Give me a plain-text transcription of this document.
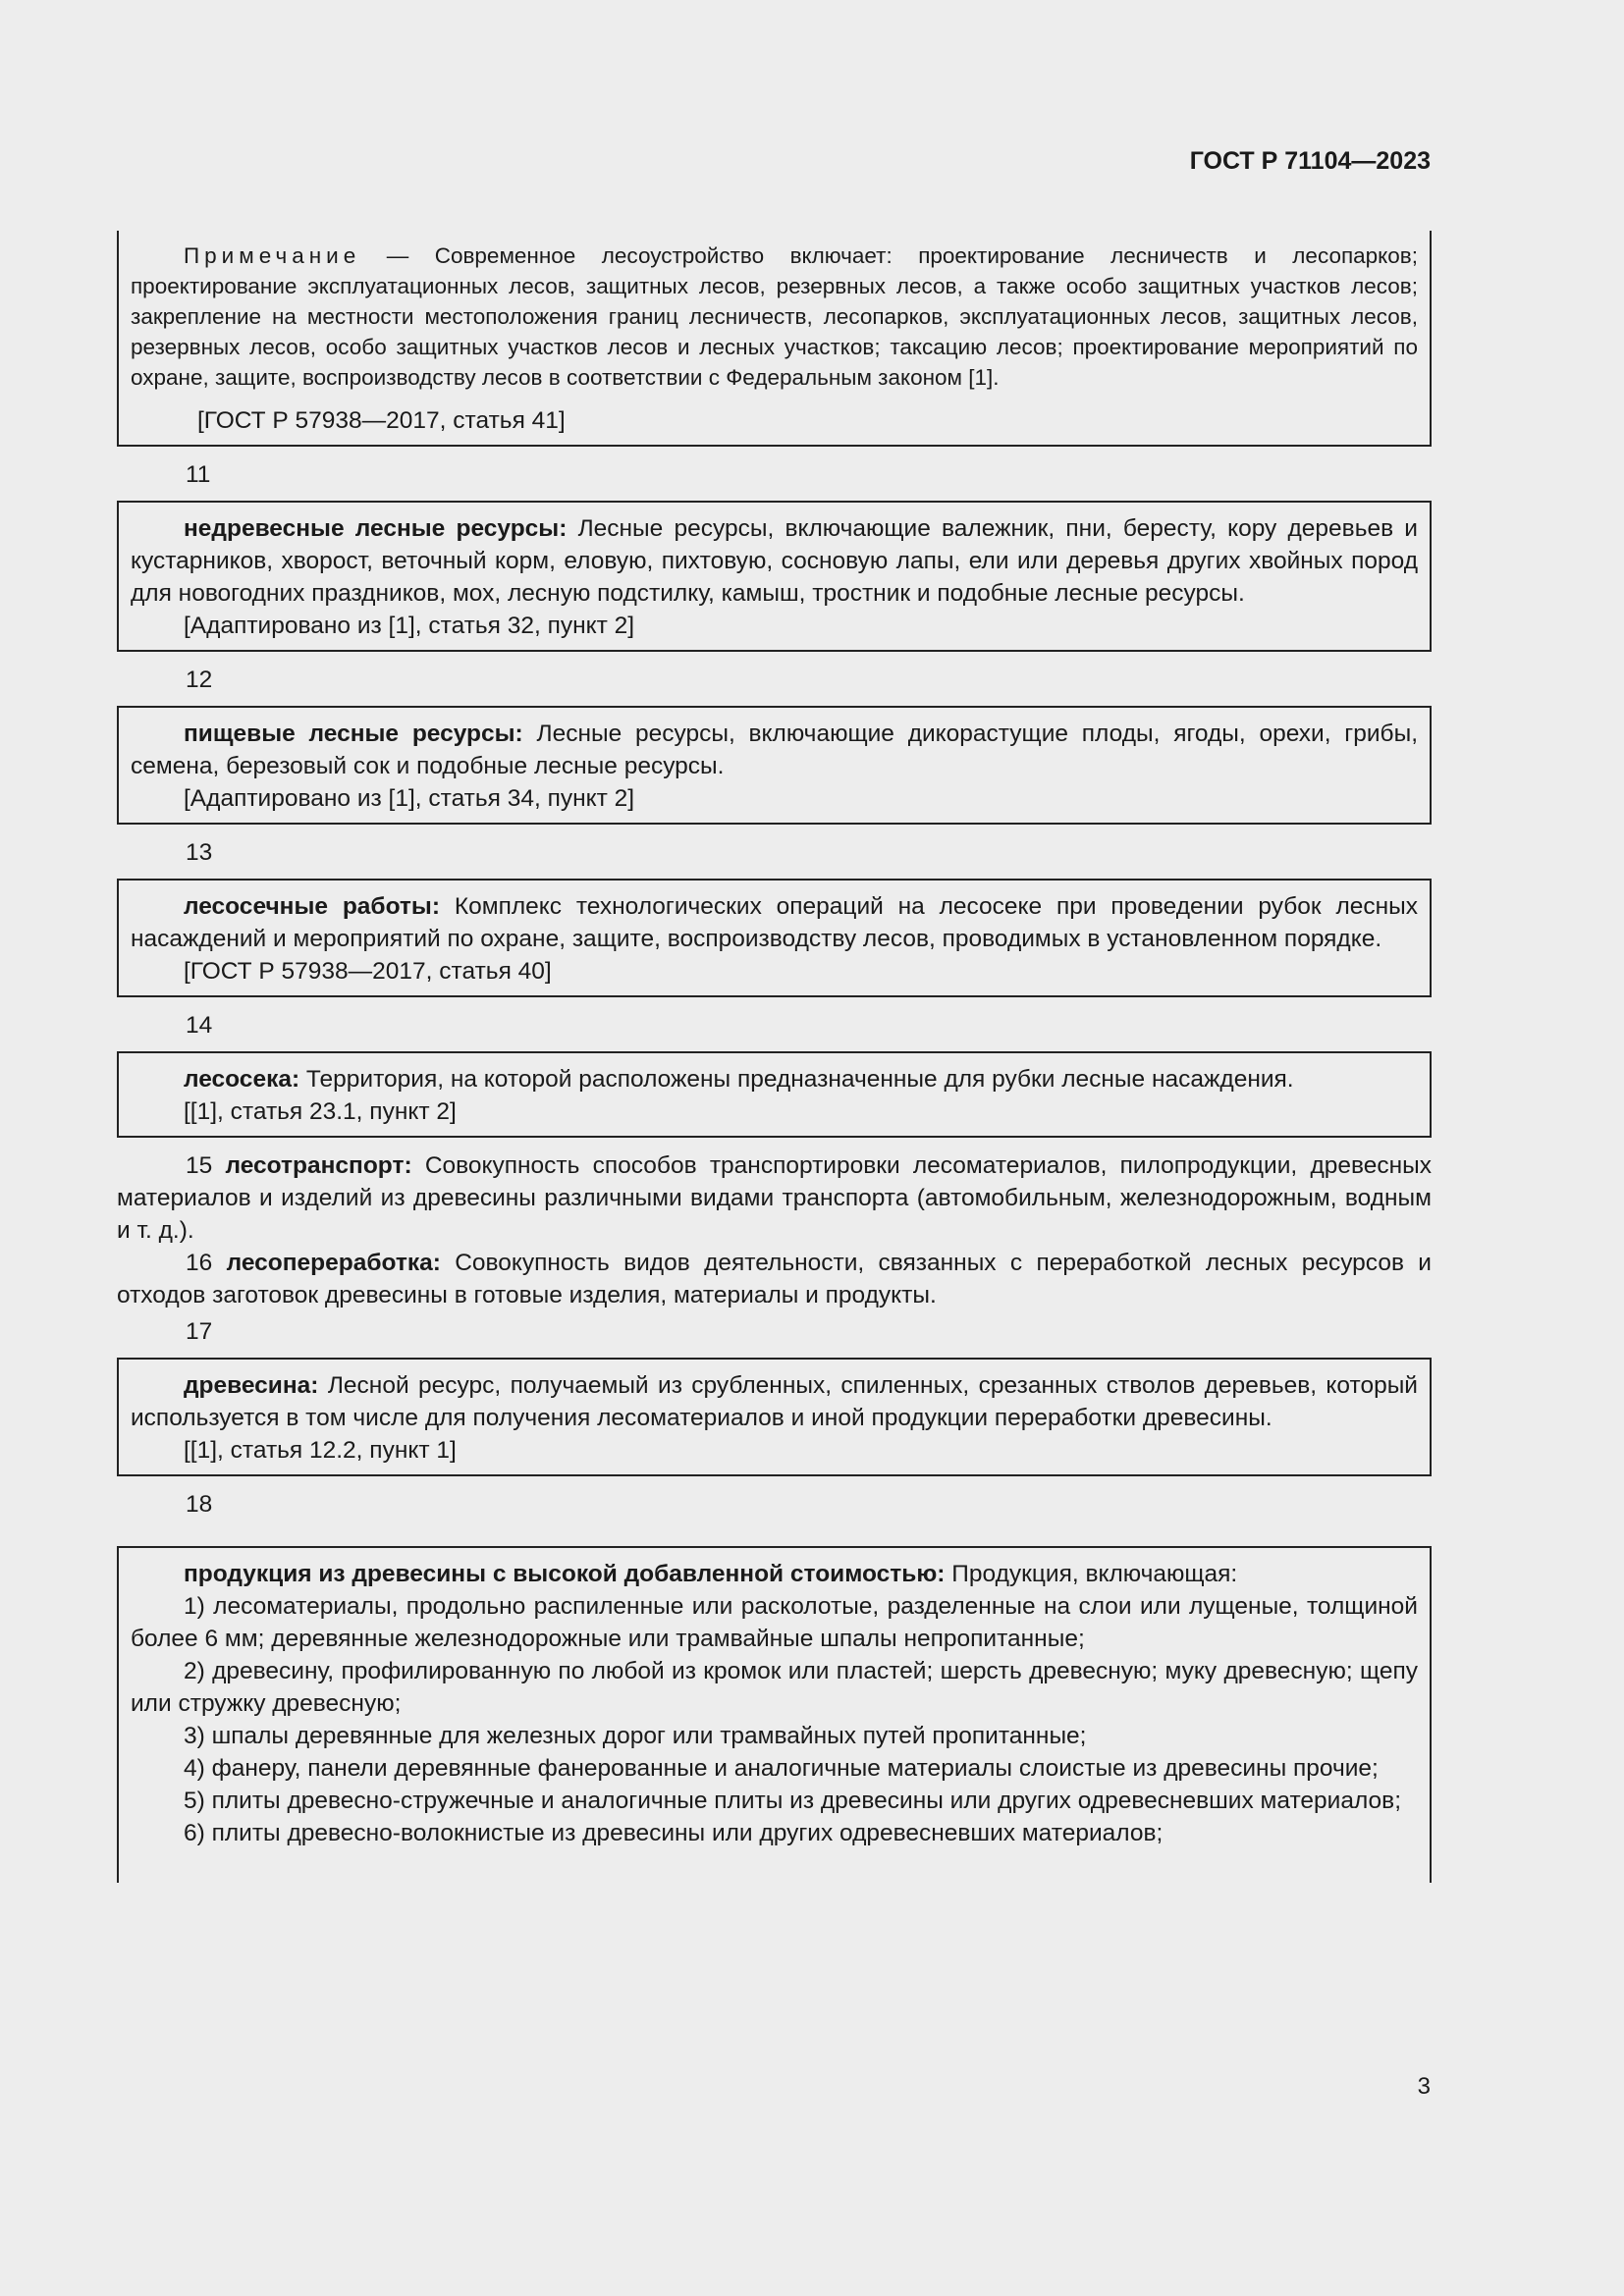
ГОСТ Р 71104—2023

Примечание — Современное лесоустройство включает: проектирование лесничеств и лесопарков; проектирование эксплуатационных лесов, защитных лесов, резервных лесов, а также особо защитных участков лесов; закрепление на местности местоположения границ лесничеств, лесопарков, эксплуатационных лесов, защитных лесов, резервных лесов, особо защитных участков лесов и лесных участков; таксацию лесов; проектирование мероприятий по охране, защите, воспроизводству лесов в соответствии с Федеральным законом [1].

[ГОСТ Р 57938—2017, статья 41]

11

недревесные лесные ресурсы: Лесные ресурсы, включающие валежник, пни, бересту, кору деревьев и кустарников, хворост, веточный корм, еловую, пихтовую, сосновую лапы, ели или деревья других хвойных пород для новогодних праздников, мох, лесную подстилку, камыш, тростник и подобные лесные ресурсы.

[Адаптировано из [1], статья 32, пункт 2]

12

пищевые лесные ресурсы: Лесные ресурсы, включающие дикорастущие плоды, ягоды, орехи, грибы, семена, березовый сок и подобные лесные ресурсы.

[Адаптировано из [1], статья 34, пункт 2]

13

лесосечные работы: Комплекс технологических операций на лесосеке при проведении рубок лесных насаждений и мероприятий по охране, защите, воспроизводству лесов, проводимых в установленном порядке.

[ГОСТ Р 57938—2017, статья 40]

14

лесосека: Территория, на которой расположены предназначенные для рубки лесные насаждения.

[[1], статья 23.1, пункт 2]

15 лесотранспорт: Совокупность способов транспортировки лесоматериалов, пилопродукции, древесных материалов и изделий из древесины различными видами транспорта (автомобильным, железнодорожным, водным и т. д.).

16 лесопереработка: Совокупность видов деятельности, связанных с переработкой лесных ресурсов и отходов заготовок древесины в готовые изделия, материалы и продукты.

17

древесина: Лесной ресурс, получаемый из срубленных, спиленных, срезанных стволов деревьев, который используется в том числе для получения лесоматериалов и иной продукции переработки древесины.

[[1], статья 12.2, пункт 1]

18

продукция из древесины с высокой добавленной стоимостью: Продукция, включающая:

1) лесоматериалы, продольно распиленные или расколотые, разделенные на слои или лущеные, толщиной более 6 мм; деревянные железнодорожные или трамвайные шпалы непропитанные;

2) древесину, профилированную по любой из кромок или пластей; шерсть древесную; муку древесную; щепу или стружку древесную;

3) шпалы деревянные для железных дорог или трамвайных путей пропитанные;

4) фанеру, панели деревянные фанерованные и аналогичные материалы слоистые из древесины прочие;

5) плиты древесно-стружечные и аналогичные плиты из древесины или других одревесневших материалов;

6) плиты древесно-волокнистые из древесины или других одревесневших материалов;

3
